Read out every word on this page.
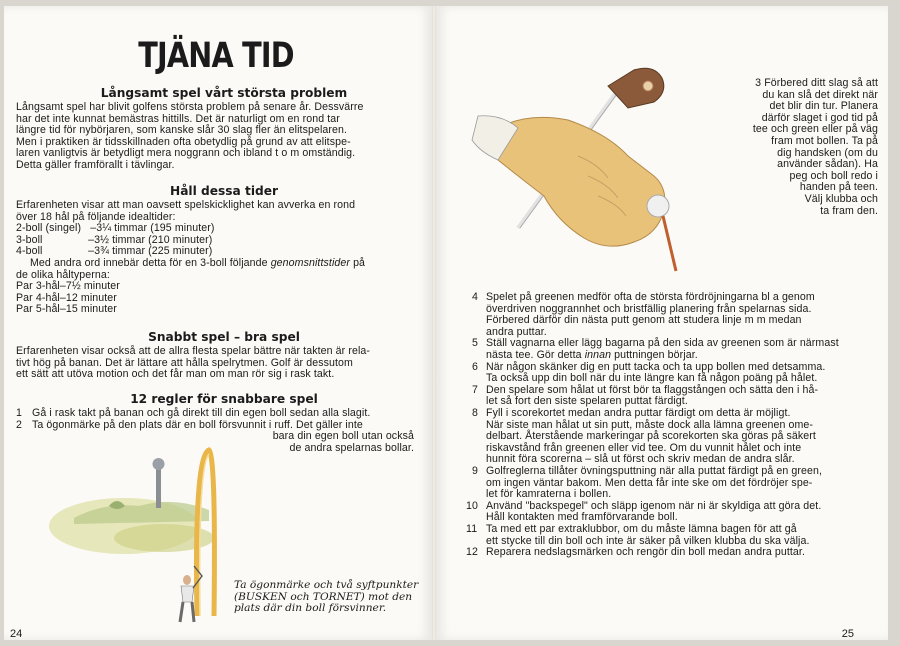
TJÄNA TID
Långsamt spel vårt största problem
Långsamt spel har blivit golfens största problem på senare år. Dessvärre
har det inte kunnat bemästras hittills. Det är naturligt om en rond tar
längre tid för nybörjaren, som kanske slår 30 slag fler än elitspelaren.
Men i praktiken är tidsskillnaden ofta obetydlig på grund av att elitspe-
laren vanligtvis är betydligt mera noggrann och ibland t o m omständig.
Detta gäller framförallt i tävlingar.
Håll dessa tider
Erfarenheten visar att man oavsett spelskicklighet kan avverka en rond
över 18 hål på följande idealtider:
2-boll (singel)   –3¼ timmar (195 minuter)
3-boll               –3½ timmar (210 minuter)
4-boll               –3¾ timmar (225 minuter)
Med andra ord innebär detta för en 3-boll följande genomsnittstider på
de olika håltyperna:
Par 3-hål–7½ minuter
Par 4-hål–12 minuter
Par 5-hål–15 minuter
Snabbt spel – bra spel
Erfarenheten visar också att de allra flesta spelar bättre när takten är rela-
tivt hög på banan. Det är lättare att hålla spelrytmen. Golf är dessutom
ett sätt att utöva motion och det får man om man rör sig i rask takt.
12 regler för snabbare spel
1 Gå i rask takt på banan och gå direkt till din egen boll sedan alla slagit.
2 Ta ögonmärke på den plats där en boll försvunnit i ruff. Det gäller inte
bara din egen boll utan också
de andra spelarnas bollar.
Ta ögonmärke och två syftpunkter
(BUSKEN och TORNET) mot den
plats där din boll försvinner.
24
3 Förbered ditt slag så att
du kan slå det direkt när
det blir din tur. Planera
därför slaget i god tid på
tee och green eller på väg
fram mot bollen. Ta på
dig handsken (om du
använder sådan). Ha
peg och boll redo i
handen på teen.
Välj klubba och
ta fram den.
4 Spelet på greenen medför ofta de största fördröjningarna bl a genom
överdriven noggrannhet och bristfällig planering från spelarnas sida.
Förbered därför din nästa putt genom att studera linje m m medan
andra puttar.
5 Ställ vagnarna eller lägg bagarna på den sida av greenen som är närmast
nästa tee. Gör detta innan puttningen börjar.
6 När någon skänker dig en putt tacka och ta upp bollen med detsamma.
Ta också upp din boll när du inte längre kan få någon poäng på hålet.
7 Den spelare som hålat ut först bör ta flaggstången och sätta den i hå-
let så fort den siste spelaren puttat färdigt.
8 Fyll i scorekortet medan andra puttar färdigt om detta är möjligt.
När siste man hålat ut sin putt, måste dock alla lämna greenen ome-
delbart. Återstående markeringar på scorekorten ska göras på säkert
riskavstånd från greenen eller vid tee. Om du vunnit hålet och inte
hunnit föra scorerna – slå ut först och skriv medan de andra slår.
9 Golfreglerna tillåter övningsputtning när alla puttat färdigt på en green,
om ingen väntar bakom. Men detta får inte ske om det fördröjer spe-
let för kamraterna i bollen.
10 Använd "backspegel" och släpp igenom när ni är skyldiga att göra det.
Håll kontakten med framförvarande boll.
11 Ta med ett par extraklubbor, om du måste lämna bagen för att gå
ett stycke till din boll och inte är säker på vilken klubba du ska välja.
12 Reparera nedslagsmärken och rengör din boll medan andra puttar.
25
